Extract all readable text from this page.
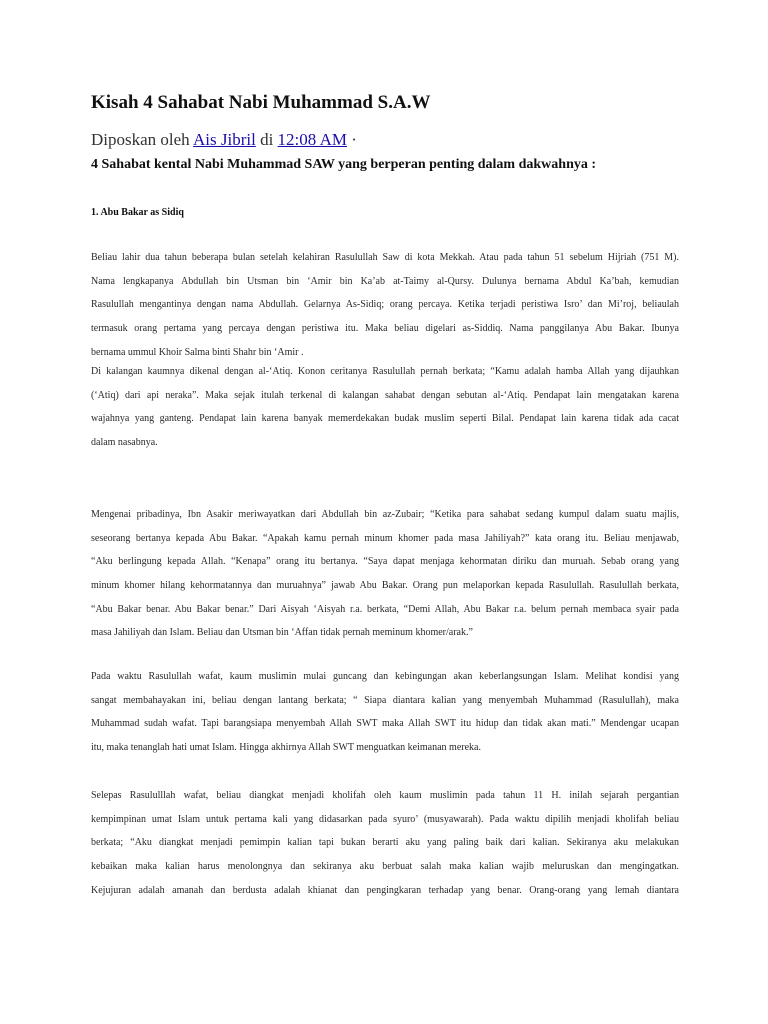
Kisah 4 Sahabat Nabi Muhammad S.A.W
Diposkan oleh Ais Jibril di 12:08 AM ·
4 Sahabat kental Nabi Muhammad SAW yang berperan penting dalam dakwahnya :
1. Abu Bakar as Sidiq

Beliau lahir dua tahun beberapa bulan setelah kelahiran Rasulullah Saw di kota Mekkah. Atau pada tahun 51 sebelum Hijriah (751 M).
Nama lengkapanya Abdullah bin Utsman bin ‘Amir bin Ka’ab at-Taimy al-Qursy. Dulunya bernama Abdul Ka’bah, kemudian
Rasulullah mengantinya dengan nama Abdullah. Gelarnya As-Sidiq; orang percaya. Ketika terjadi peristiwa Isro’ dan Mi’roj, beliaulah
termasuk orang pertama yang percaya dengan peristiwa itu. Maka beliau digelari as-Siddiq. Nama panggilanya Abu Bakar. Ibunya
bernama ummul Khoir Salma binti Shahr bin ‘Amir .

Di kalangan kaumnya dikenal dengan al-‘Atiq. Konon ceritanya Rasulullah pernah berkata; “Kamu adalah hamba Allah yang dijauhkan
(‘Atiq) dari api neraka”. Maka sejak itulah terkenal di kalangan sahabat dengan sebutan al-‘Atiq. Pendapat lain mengatakan karena
wajahnya yang ganteng. Pendapat lain karena banyak memerdekakan budak muslim seperti Bilal. Pendapat lain karena tidak ada cacat
dalam nasabnya.

Mengenai pribadinya, Ibn Asakir meriwayatkan dari Abdullah bin az-Zubair; “Ketika para sahabat sedang kumpul dalam suatu majlis,
seseorang bertanya kepada Abu Bakar. “Apakah kamu pernah minum khomer pada masa Jahiliyah?” kata orang itu. Beliau menjawab,
“Aku berlingung kepada Allah. “Kenapa” orang itu bertanya. “Saya dapat menjaga kehormatan diriku dan muruah. Sebab orang yang
minum khomer hilang kehormatannya dan muruahnya” jawab Abu Bakar. Orang pun melaporkan kepada Rasulullah. Rasulullah berkata,
“Abu Bakar benar. Abu Bakar benar.” Dari Aisyah ‘Aisyah r.a. berkata, “Demi Allah, Abu Bakar r.a. belum pernah membaca syair pada
masa Jahiliyah dan Islam. Beliau dan Utsman bin ‘Affan tidak pernah meminum khomer/arak.”

Pada waktu Rasulullah wafat, kaum muslimin mulai guncang dan kebingungan akan keberlangsungan Islam. Melihat kondisi yang
sangat membahayakan ini, beliau dengan lantang berkata; “ Siapa diantara kalian yang menyembah Muhammad (Rasulullah), maka
Muhammad sudah wafat. Tapi barangsiapa menyembah Allah SWT maka Allah SWT itu hidup dan tidak akan mati.” Mendengar ucapan
itu, maka tenanglah hati umat Islam. Hingga akhirnya Allah SWT menguatkan keimanan mereka.

Selepas Rasululllah wafat, beliau diangkat menjadi kholifah oleh kaum muslimin pada tahun 11 H. inilah sejarah pergantian
kempimpinan umat Islam untuk pertama kali yang didasarkan pada syuro’ (musyawarah). Pada waktu dipilih menjadi kholifah beliau
berkata; “Aku diangkat menjadi pemimpin kalian tapi bukan berarti aku yang paling baik dari kalian. Sekiranya aku melakukan
kebaikan maka kalian harus menolongnya dan sekiranya aku berbuat salah maka kalian wajib meluruskan dan mengingatkan.
Kejujuran adalah amanah dan berdusta adalah khianat dan pengingkaran terhadap yang benar. Orang-orang yang lemah diantara
